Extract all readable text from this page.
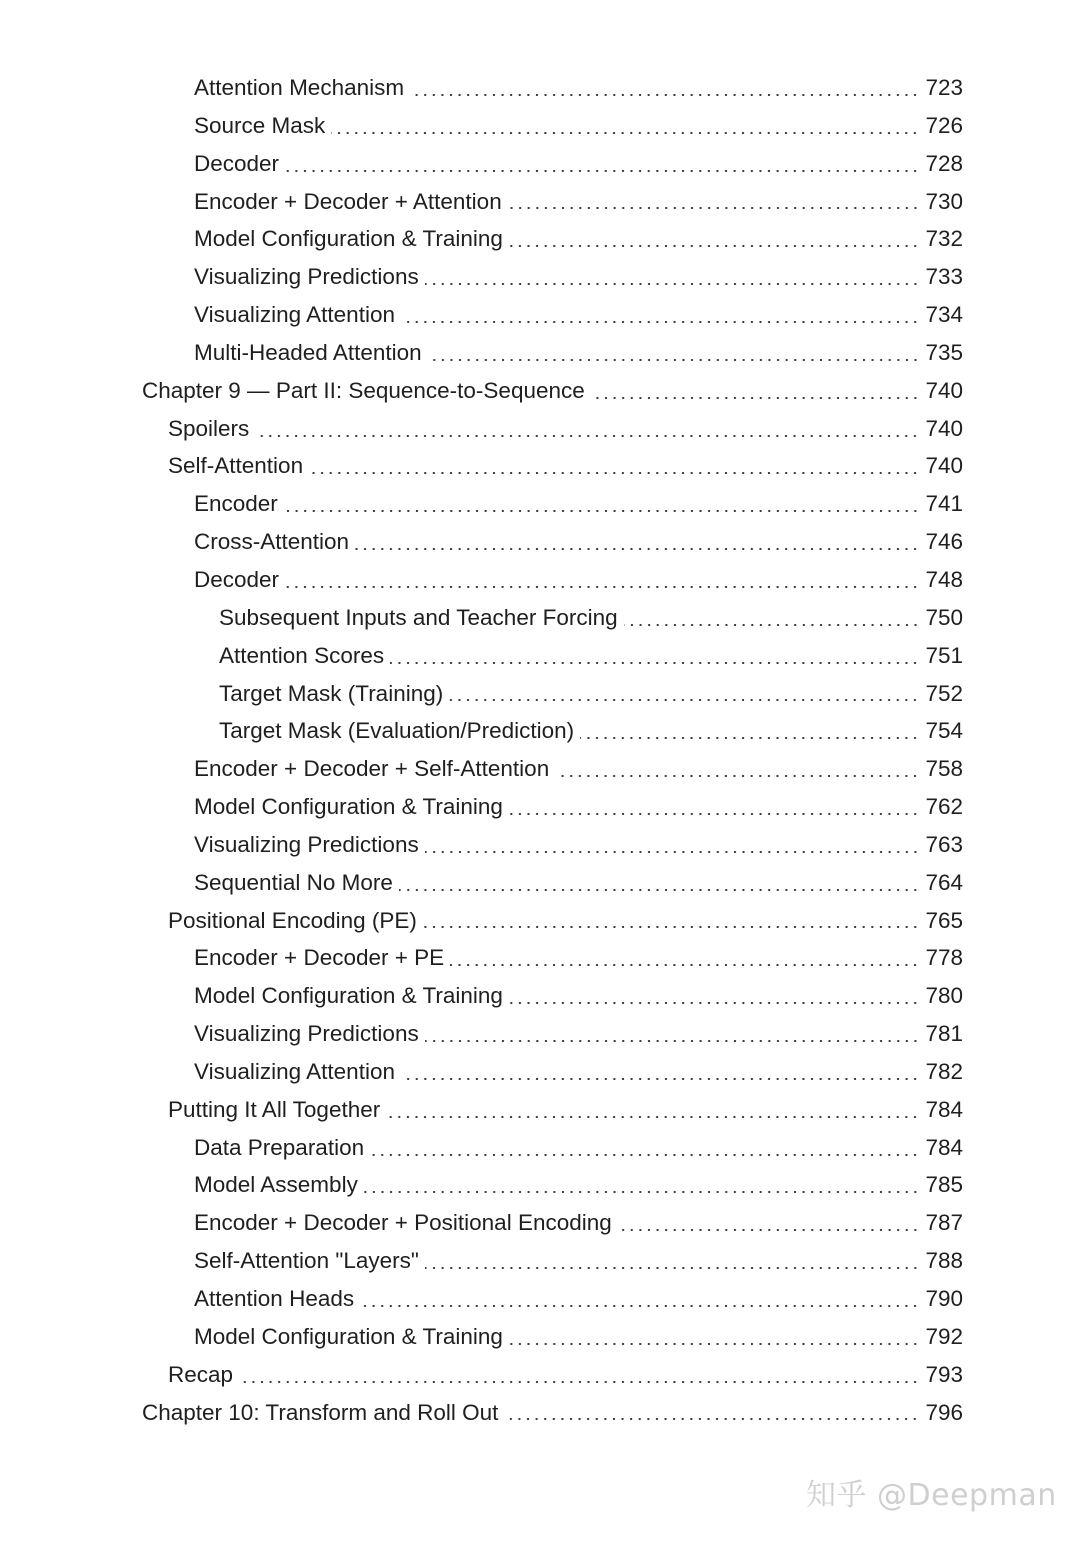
Attention Mechanism	723
Source Mask	726
Decoder	728
Encoder + Decoder + Attention	730
Model Configuration & Training	732
Visualizing Predictions	733
Visualizing Attention	734
Multi-Headed Attention	735
Chapter 9 — Part II: Sequence-to-Sequence	740
Spoilers	740
Self-Attention	740
Encoder	741
Cross-Attention	746
Decoder	748
Subsequent Inputs and Teacher Forcing	750
Attention Scores	751
Target Mask (Training)	752
Target Mask (Evaluation/Prediction)	754
Encoder + Decoder + Self-Attention	758
Model Configuration & Training	762
Visualizing Predictions	763
Sequential No More	764
Positional Encoding (PE)	765
Encoder + Decoder + PE	778
Model Configuration & Training	780
Visualizing Predictions	781
Visualizing Attention	782
Putting It All Together	784
Data Preparation	784
Model Assembly	785
Encoder + Decoder + Positional Encoding	787
Self-Attention "Layers"	788
Attention Heads	790
Model Configuration & Training	792
Recap	793
Chapter 10: Transform and Roll Out	796
知乎 @Deepman
